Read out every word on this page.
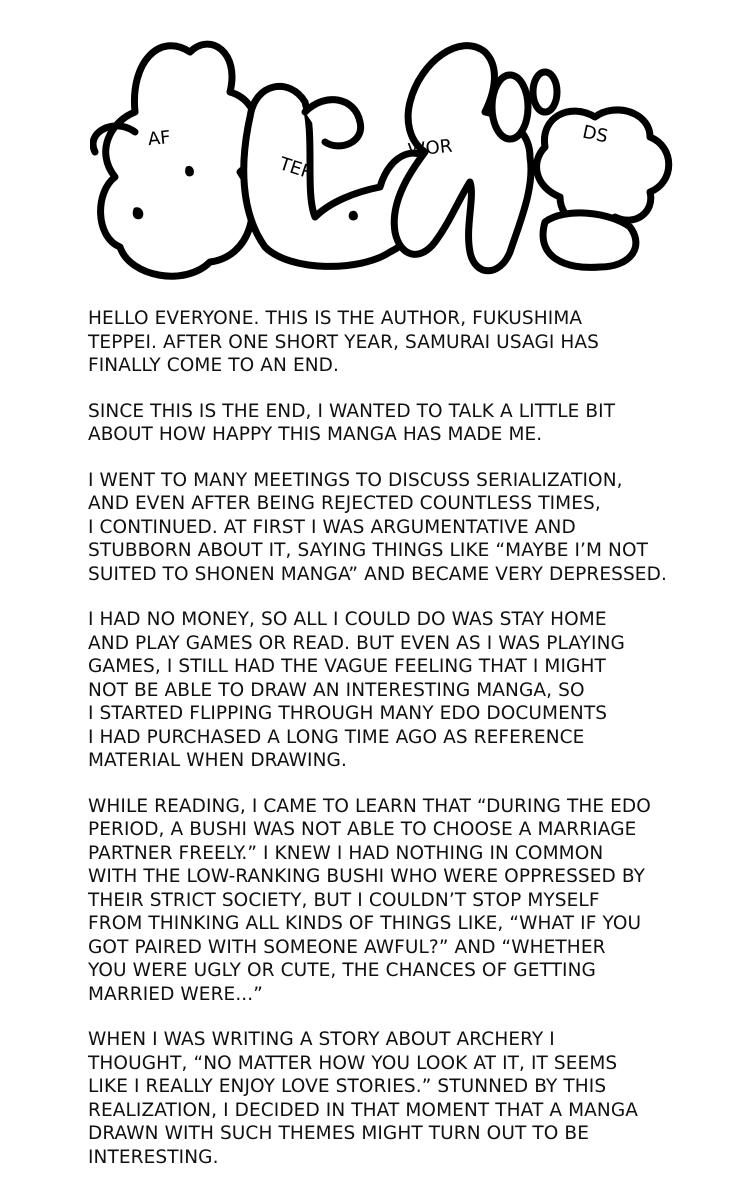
AF
TER
WOR
DS
HELLO EVERYONE. THIS IS THE AUTHOR, FUKUSHIMA
TEPPEI. AFTER ONE SHORT YEAR, SAMURAI USAGI HAS
FINALLY COME TO AN END.
SINCE THIS IS THE END, I WANTED TO TALK A LITTLE BIT
ABOUT HOW HAPPY THIS MANGA HAS MADE ME.
I WENT TO MANY MEETINGS TO DISCUSS SERIALIZATION,
AND EVEN AFTER BEING REJECTED COUNTLESS TIMES,
I CONTINUED. AT FIRST I WAS ARGUMENTATIVE AND
STUBBORN ABOUT IT, SAYING THINGS LIKE “MAYBE I’M NOT
SUITED TO SHONEN MANGA” AND BECAME VERY DEPRESSED.
I HAD NO MONEY, SO ALL I COULD DO WAS STAY HOME
AND PLAY GAMES OR READ. BUT EVEN AS I WAS PLAYING
GAMES, I STILL HAD THE VAGUE FEELING THAT I MIGHT
NOT BE ABLE TO DRAW AN INTERESTING MANGA, SO
I STARTED FLIPPING THROUGH MANY EDO DOCUMENTS
I HAD PURCHASED A LONG TIME AGO AS REFERENCE
MATERIAL WHEN DRAWING.
WHILE READING, I CAME TO LEARN THAT “DURING THE EDO
PERIOD, A BUSHI WAS NOT ABLE TO CHOOSE A MARRIAGE
PARTNER FREELY.” I KNEW I HAD NOTHING IN COMMON
WITH THE LOW-RANKING BUSHI WHO WERE OPPRESSED BY
THEIR STRICT SOCIETY, BUT I COULDN’T STOP MYSELF
FROM THINKING ALL KINDS OF THINGS LIKE, “WHAT IF YOU
GOT PAIRED WITH SOMEONE AWFUL?” AND “WHETHER
YOU WERE UGLY OR CUTE, THE CHANCES OF GETTING
MARRIED WERE...”
WHEN I WAS WRITING A STORY ABOUT ARCHERY I
THOUGHT, “NO MATTER HOW YOU LOOK AT IT, IT SEEMS
LIKE I REALLY ENJOY LOVE STORIES.” STUNNED BY THIS
REALIZATION, I DECIDED IN THAT MOMENT THAT A MANGA
DRAWN WITH SUCH THEMES MIGHT TURN OUT TO BE
INTERESTING.
